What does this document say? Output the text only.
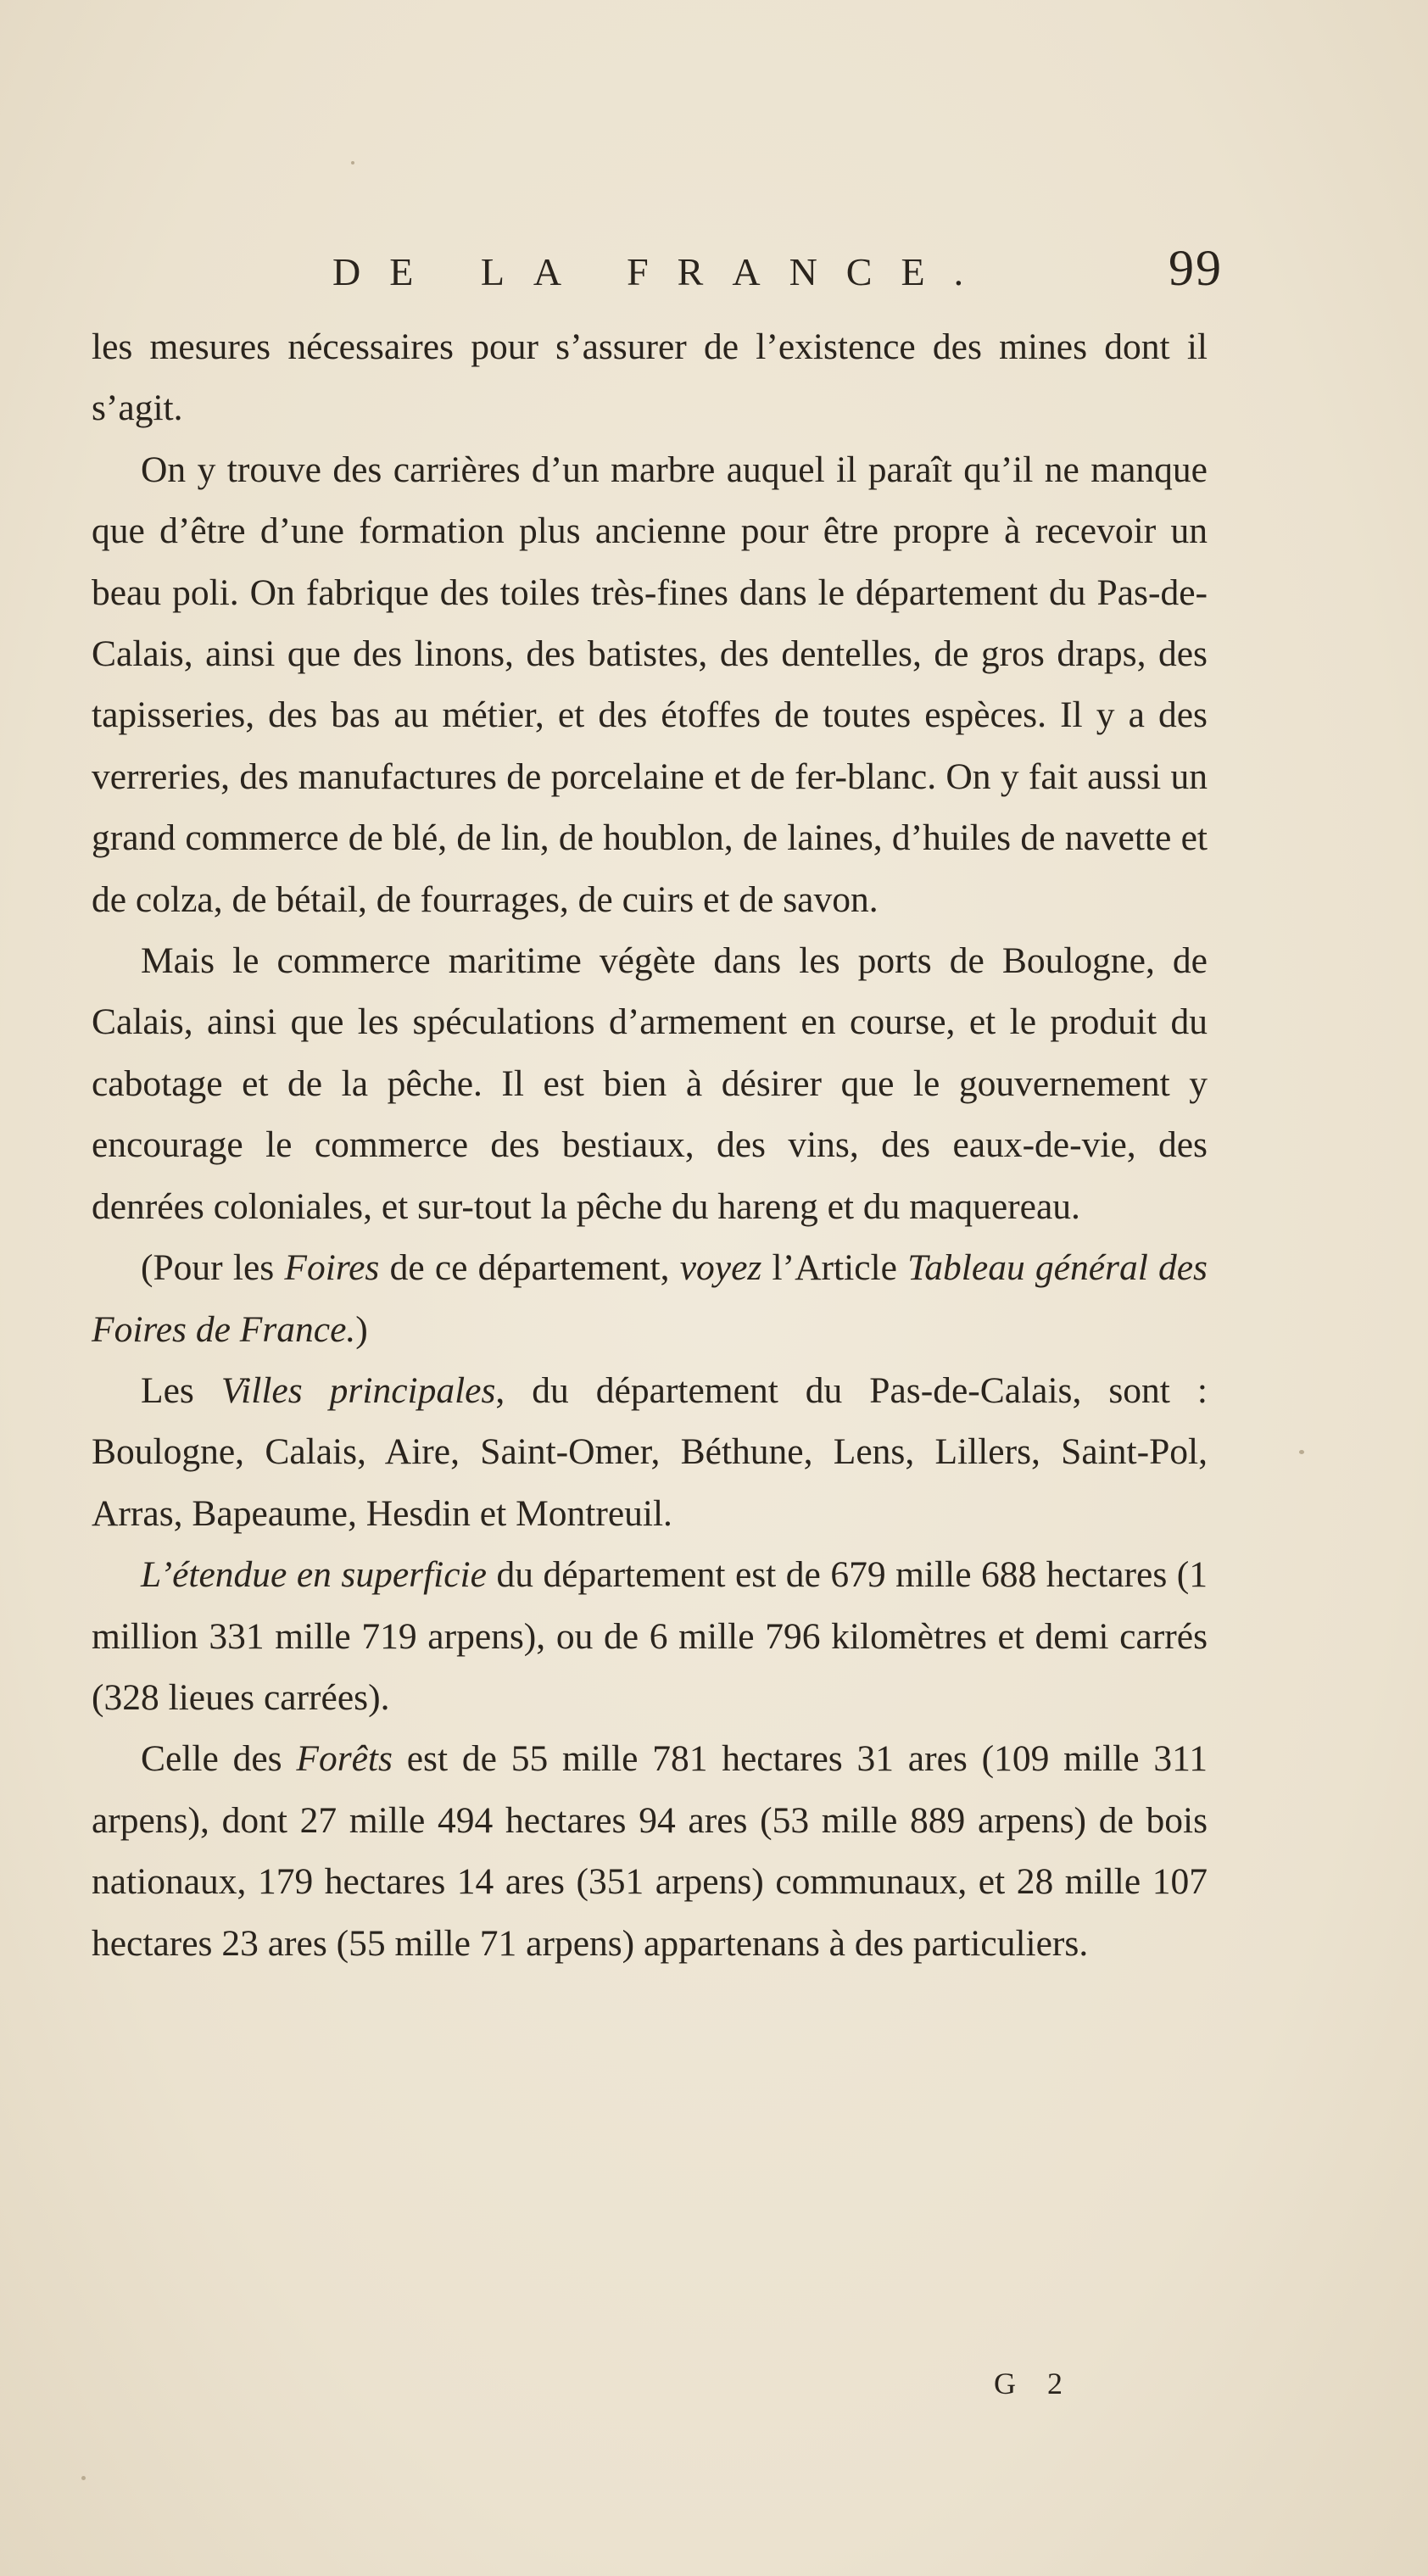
DE LA FRANCE.	99

les mesures nécessaires pour s’assurer de l’existence des mines dont il s’agit.

On y trouve des carrières d’un marbre auquel il paraît qu’il ne manque que d’être d’une formation plus ancienne pour être propre à recevoir un beau poli. On fabrique des toiles très-fines dans le département du Pas-de-Calais, ainsi que des linons, des batistes, des dentelles, de gros draps, des tapisseries, des bas au métier, et des étoffes de toutes espèces. Il y a des verreries, des manufactures de porcelaine et de fer-blanc. On y fait aussi un grand commerce de blé, de lin, de houblon, de laines, d’huiles de navette et de colza, de bétail, de fourrages, de cuirs et de savon.

Mais le commerce maritime végète dans les ports de Boulogne, de Calais, ainsi que les spéculations d’armement en course, et le produit du cabotage et de la pêche. Il est bien à désirer que le gouvernement y encourage le commerce des bestiaux, des vins, des eaux-de-vie, des denrées coloniales, et sur-tout la pêche du hareng et du maquereau.

(Pour les Foires de ce département, voyez l’Article Tableau général des Foires de France.)

Les Villes principales, du département du Pas-de-Calais, sont : Boulogne, Calais, Aire, Saint-Omer, Béthune, Lens, Lillers, Saint-Pol, Arras, Bapeaume, Hesdin et Montreuil.

L’étendue en superficie du département est de 679 mille 688 hectares (1 million 331 mille 719 arpens), ou de 6 mille 796 kilomètres et demi carrés (328 lieues carrées).

Celle des Forêts est de 55 mille 781 hectares 31 ares (109 mille 311 arpens), dont 27 mille 494 hectares 94 ares (53 mille 889 arpens) de bois nationaux, 179 hectares 14 ares (351 arpens) communaux, et 28 mille 107 hectares 23 ares (55 mille 71 arpens) appartenans à des particuliers.

G 2
